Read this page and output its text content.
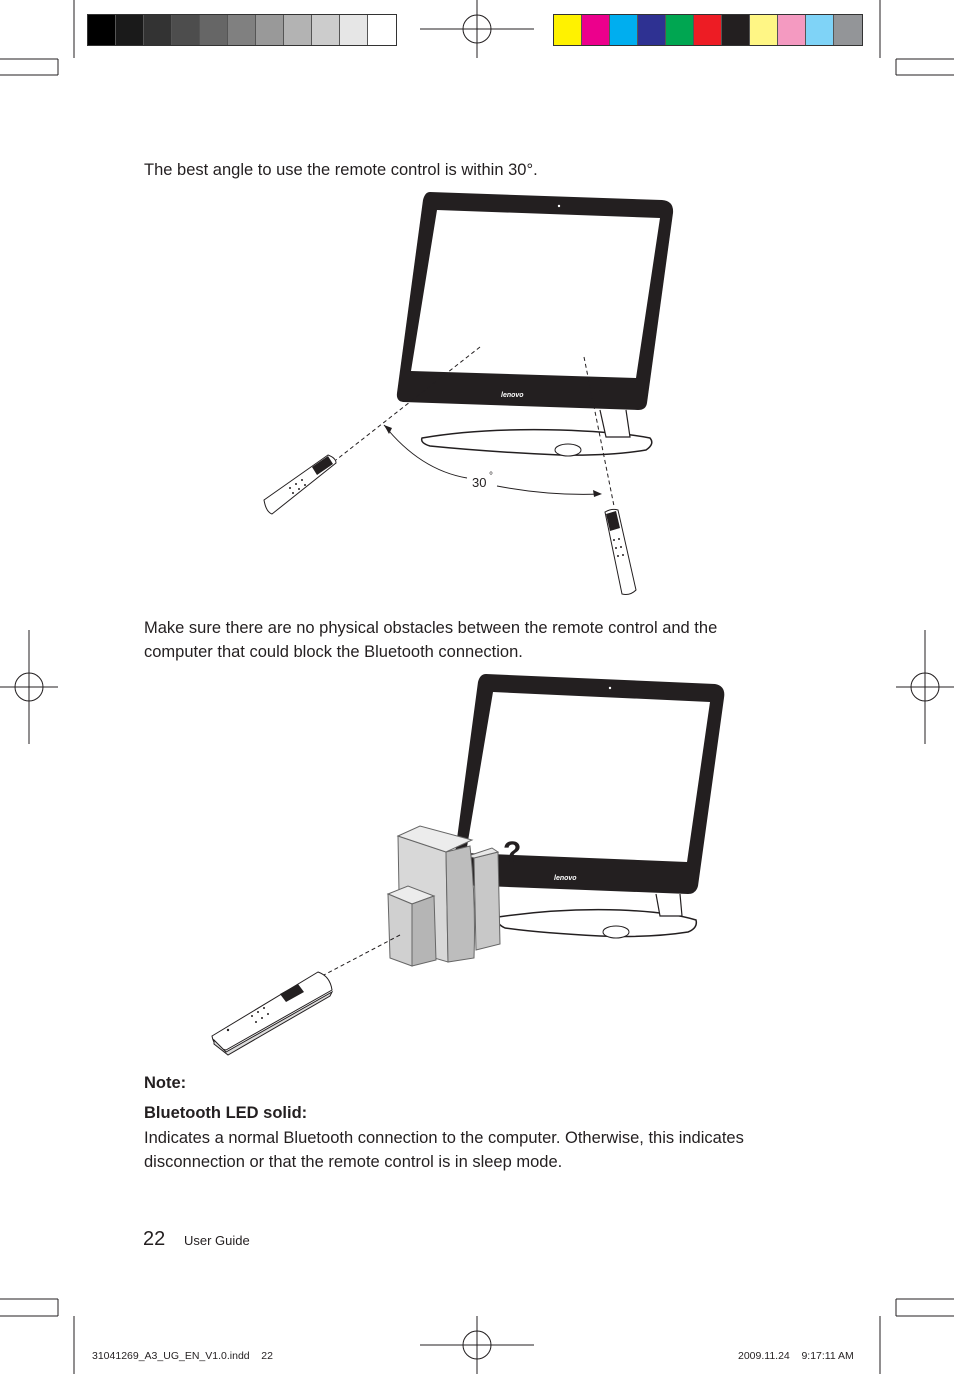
The best angle to use the remote control is within 30°.
lenovo
30 °
Make sure there are no physical obstacles between the remote control and the computer that could block the Bluetooth connection.
lenovo
?
Note:
Bluetooth LED solid:
Indicates a normal Bluetooth connection to the computer. Otherwise, this indicates disconnection or that the remote control is in sleep mode.
22 User Guide
31041269_A3_UG_EN_V1.0.indd    22	2009.11.24    9:17:11 AM
